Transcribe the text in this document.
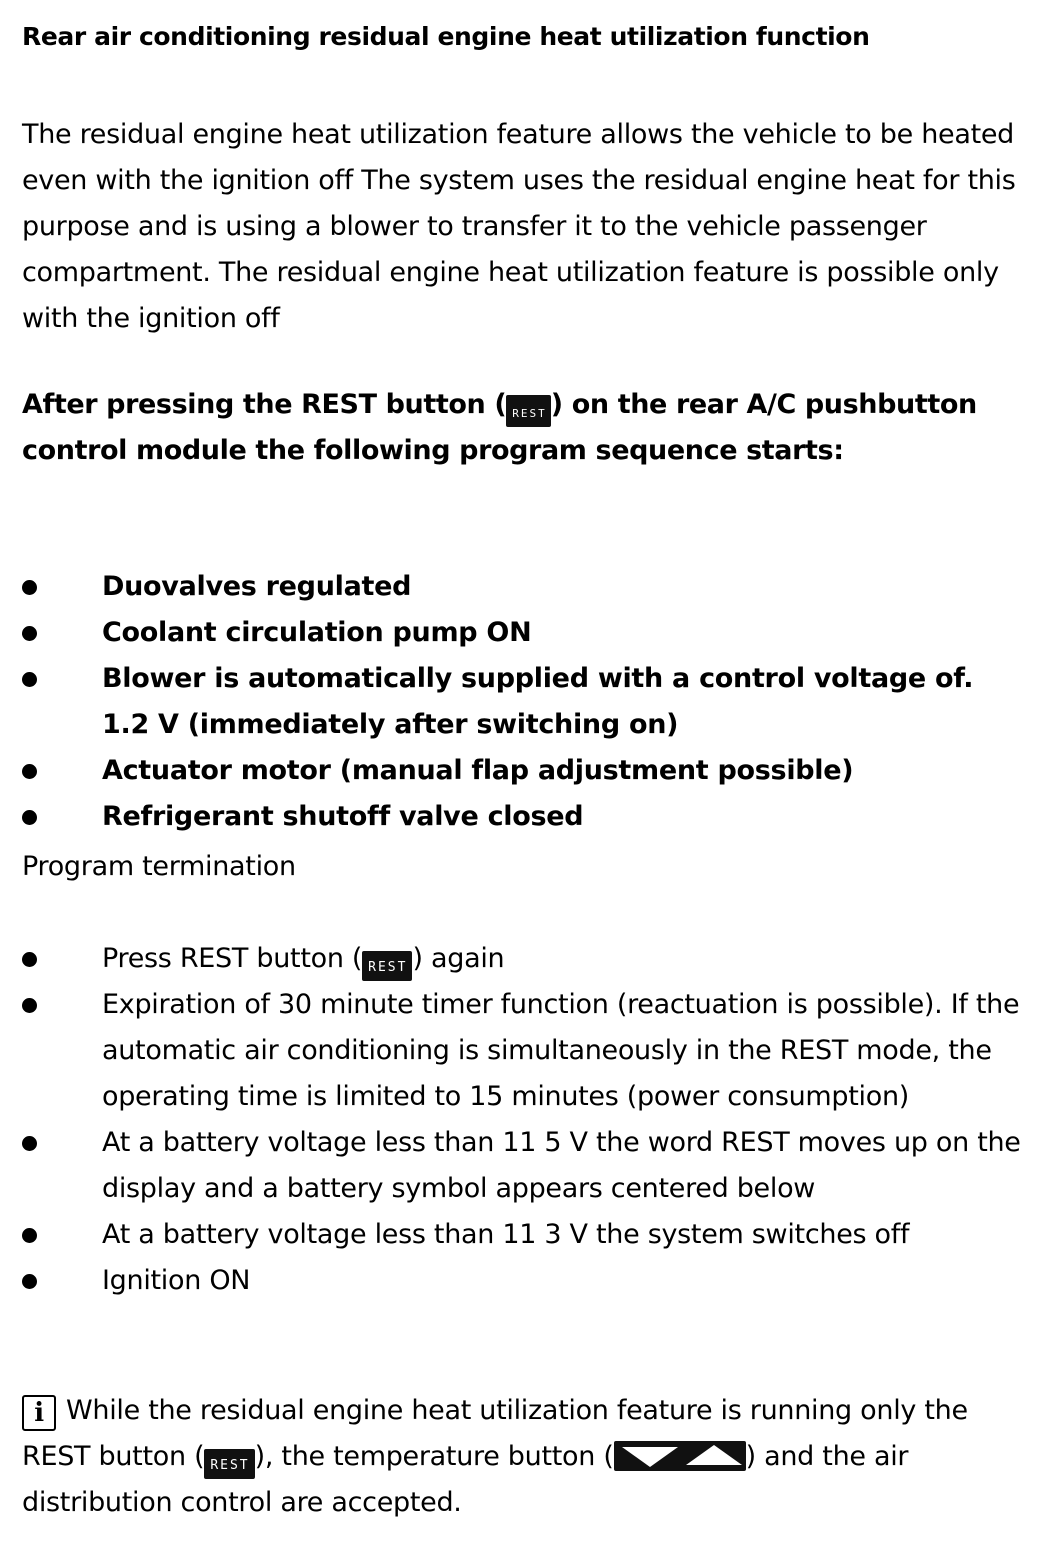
Rear air conditioning residual engine heat utilization function
The residual engine heat utilization feature allows the vehicle to be heated even with the ignition off The system uses the residual engine heat for this purpose and is using a blower to transfer it to the vehicle passenger compartment. The residual engine heat utilization feature is possible only with the ignition off
After pressing the REST button ( REST ) on the rear A/C pushbutton control module the following program sequence starts:
Duovalves regulated
Coolant circulation pump ON
Blower is automatically supplied with a control voltage of. 1.2 V (immediately after switching on)
Actuator motor (manual flap adjustment possible)
Refrigerant shutoff valve closed
Program termination
Press REST button ( REST ) again
Expiration of 30 minute timer function (reactuation is possible). If the automatic air conditioning is simultaneously in the REST mode, the operating time is limited to 15 minutes (power consumption)
At a battery voltage less than 11 5 V the word REST moves up on the display and a battery symbol appears centered below
At a battery voltage less than 11 3 V the system switches off
Ignition ON
i While the residual engine heat utilization feature is running only the REST button ( REST ), the temperature button (	) and the air distribution control are accepted.
